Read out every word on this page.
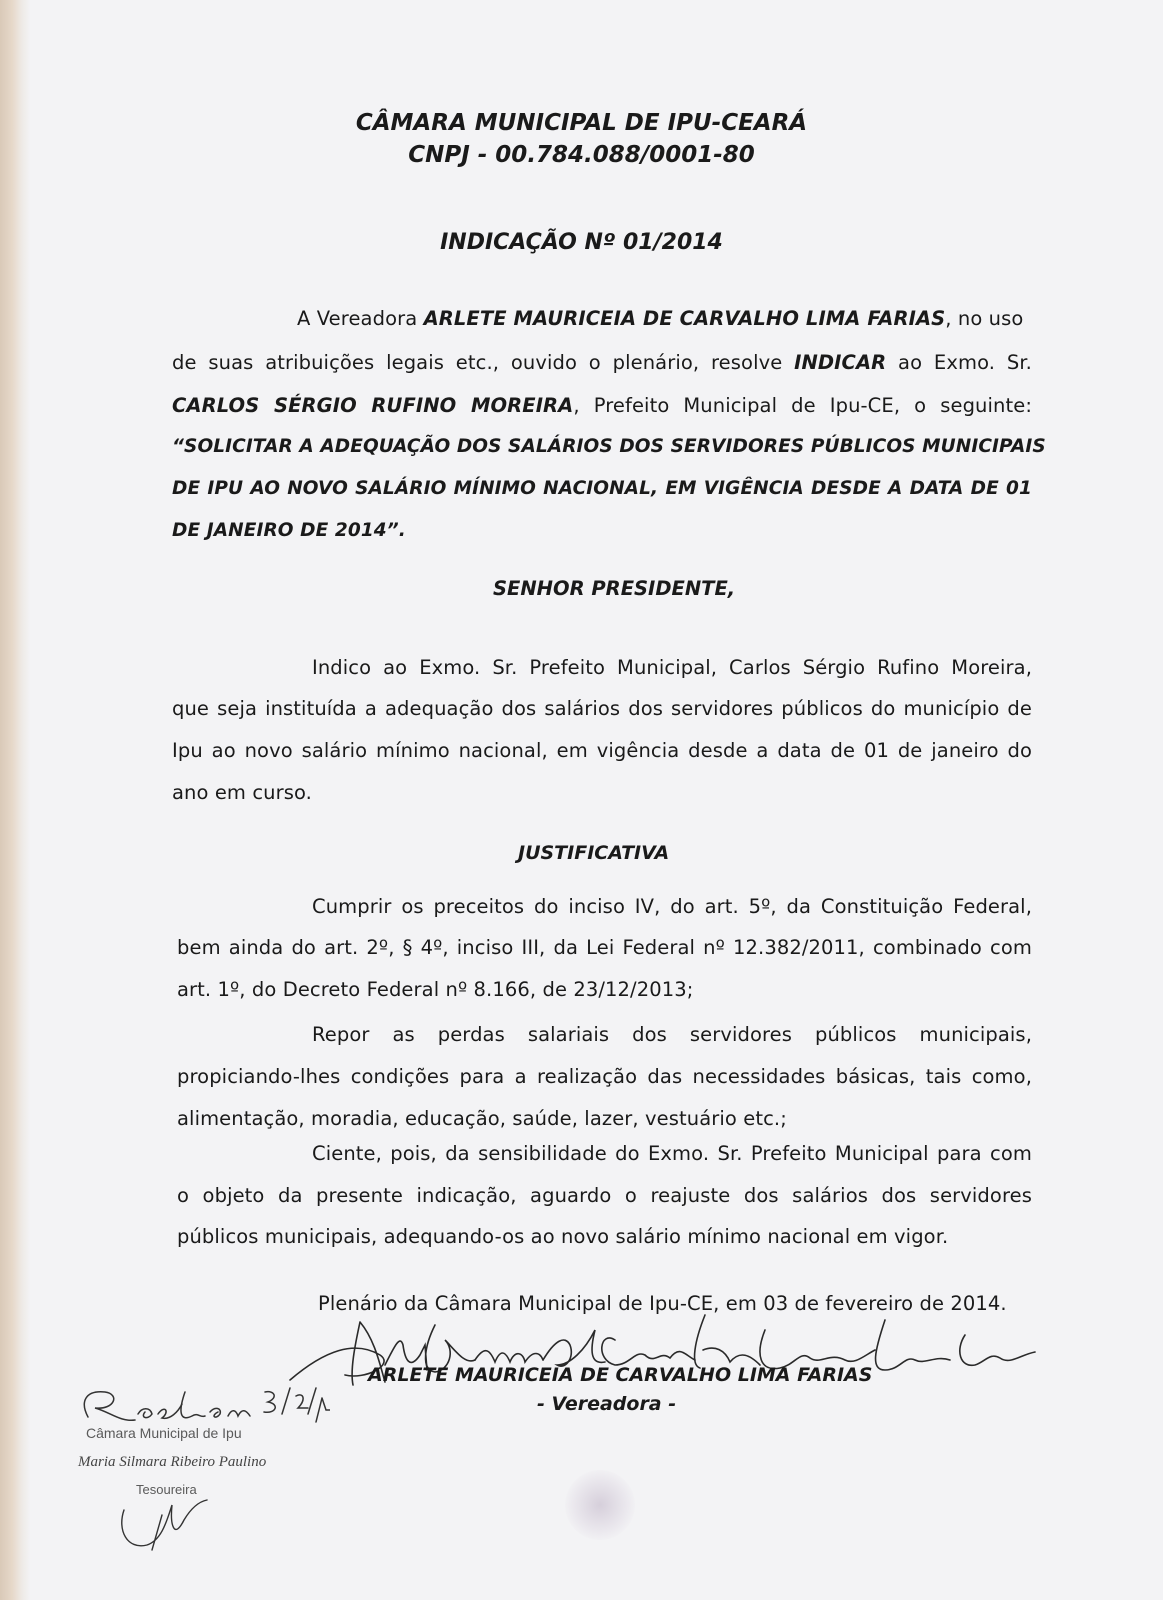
CÂMARA MUNICIPAL DE IPU-CEARÁ
CNPJ - 00.784.088/0001-80
INDICAÇÃO Nº 01/2014
A Vereadora ARLETE MAURICEIA DE CARVALHO LIMA FARIAS, no uso
de suas atribuições legais etc., ouvido o plenário, resolve INDICAR ao Exmo. Sr.
CARLOS SÉRGIO RUFINO MOREIRA, Prefeito Municipal de Ipu-CE, o seguinte:
“SOLICITAR A ADEQUAÇÃO DOS SALÁRIOS DOS SERVIDORES PÚBLICOS MUNICIPAIS
DE IPU AO NOVO SALÁRIO MÍNIMO NACIONAL, EM VIGÊNCIA DESDE A DATA DE 01
DE JANEIRO DE 2014”.
SENHOR PRESIDENTE,
Indico ao Exmo. Sr. Prefeito Municipal, Carlos Sérgio Rufino Moreira,
que seja instituída a adequação dos salários dos servidores públicos do município de
Ipu ao novo salário mínimo nacional, em vigência desde a data de 01 de janeiro do
ano em curso.
JUSTIFICATIVA
Cumprir os preceitos do inciso IV, do art. 5º, da Constituição Federal,
bem ainda do art. 2º, § 4º, inciso III, da Lei Federal nº 12.382/2011, combinado com
art. 1º, do Decreto Federal nº 8.166, de 23/12/2013;
Repor as perdas salariais dos servidores públicos municipais,
propiciando-lhes condições para a realização das necessidades básicas, tais como,
alimentação, moradia, educação, saúde, lazer, vestuário etc.;
Ciente, pois, da sensibilidade do Exmo. Sr. Prefeito Municipal para com
o objeto da presente indicação, aguardo o reajuste dos salários dos servidores
públicos municipais, adequando-os ao novo salário mínimo nacional em vigor.
Plenário da Câmara Municipal de Ipu-CE, em 03 de fevereiro de 2014.
ARLETE MAURICEIA DE CARVALHO LIMA FARIAS
- Vereadora -
Câmara Municipal de Ipu
Maria Silmara Ribeiro Paulino
Tesoureira
